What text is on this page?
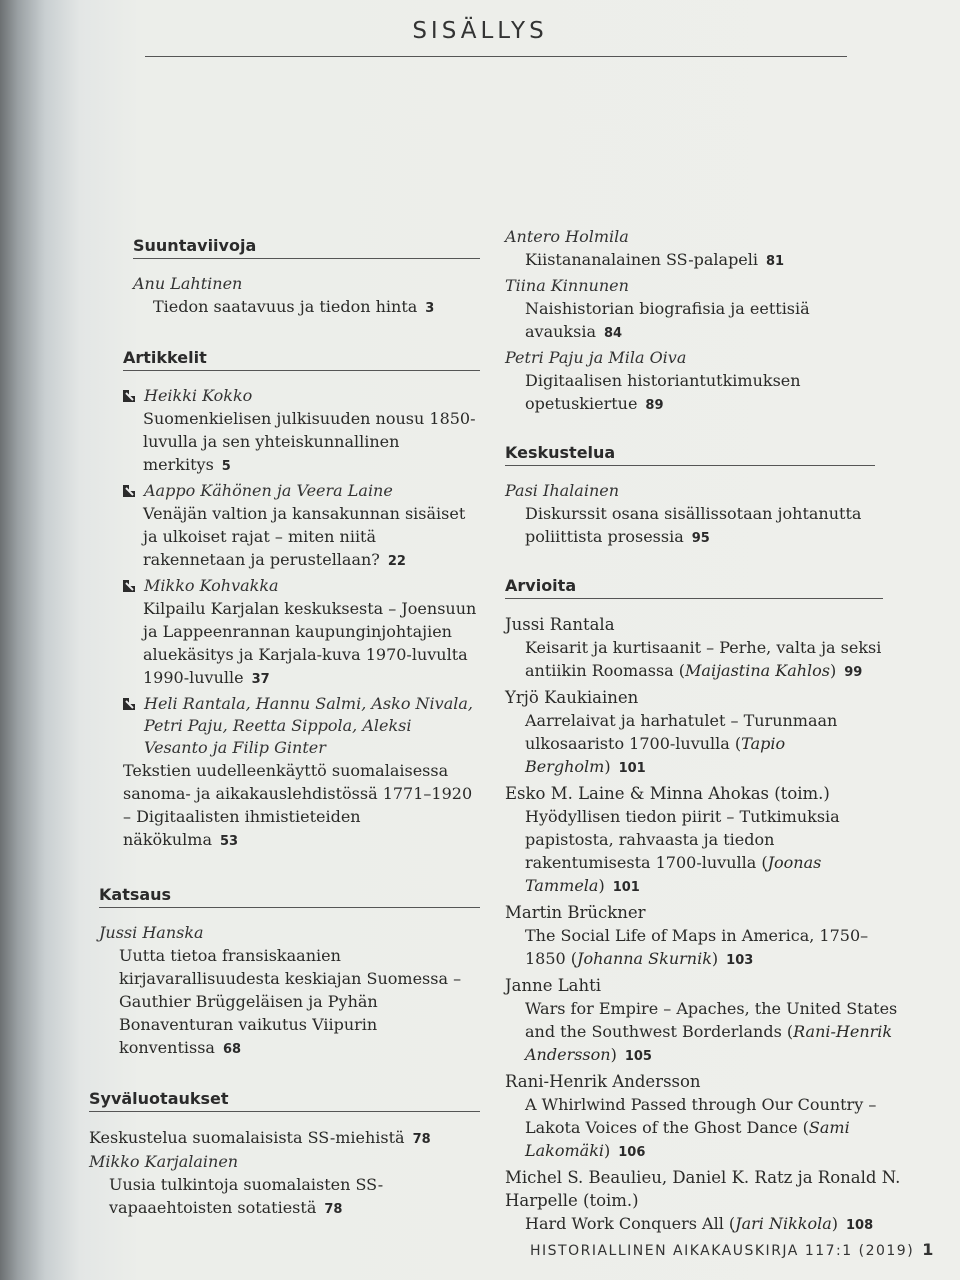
SISÄLLYS
Suuntaviivoja
Anu Lahtinen
Tiedon saatavuus ja tiedon hinta 3
Artikkelit
Heikki Kokko
Suomenkielisen julkisuuden nousu 1850-luvulla ja sen yhteiskunnallinen merkitys 5
Aappo Kähönen ja Veera Laine
Venäjän valtion ja kansakunnan sisäiset ja ulkoiset rajat – miten niitä rakennetaan ja perustellaan? 22
Mikko Kohvakka
Kilpailu Karjalan keskuksesta – Joensuun ja Lappeenrannan kaupunginjohtajien aluekäsitys ja Karjala-kuva 1970-luvulta 1990-luvulle 37
Heli Rantala, Hannu Salmi, Asko Nivala, Petri Paju, Reetta Sippola, Aleksi Vesanto ja Filip Ginter
Tekstien uudelleenkäyttö suomalaisessa sanoma- ja aikakauslehdistössä 1771–1920 – Digitaalisten ihmistieteiden näkökulma 53
Katsaus
Jussi Hanska
Uutta tietoa fransiskaanien kirjavarallisuudesta keskiajan Suomessa – Gauthier Brüggeläisen ja Pyhän Bonaventuran vaikutus Viipurin konventissa 68
Syväluotaukset
Keskustelua suomalaisista SS-miehistä 78
Mikko Karjalainen
Uusia tulkintoja suomalaisten SS-vapaaehtoisten sotatiestä 78
Antero Holmila
Kiistananalainen SS-palapeli 81
Tiina Kinnunen
Naishistorian biografisia ja eettisiä avauksia 84
Petri Paju ja Mila Oiva
Digitaalisen historiantutkimuksen opetuskiertue 89
Keskustelua
Pasi Ihalainen
Diskurssit osana sisällissotaan johtanutta poliittista prosessia 95
Arvioita
Jussi Rantala
Keisarit ja kurtisaanit – Perhe, valta ja seksi antiikin Roomassa (Maijastina Kahlos) 99
Yrjö Kaukiainen
Aarrelaivat ja harhatulet – Turunmaan ulkosaaristo 1700-luvulla (Tapio Bergholm) 101
Esko M. Laine & Minna Ahokas (toim.)
Hyödyllisen tiedon piirit – Tutkimuksia papistosta, rahvaasta ja tiedon rakentumisesta 1700-luvulla (Joonas Tammela) 101
Martin Brückner
The Social Life of Maps in America, 1750–1850 (Johanna Skurnik) 103
Janne Lahti
Wars for Empire – Apaches, the United States and the Southwest Borderlands (Rani-Henrik Andersson) 105
Rani-Henrik Andersson
A Whirlwind Passed through Our Country – Lakota Voices of the Ghost Dance (Sami Lakomäki) 106
Michel S. Beaulieu, Daniel K. Ratz ja Ronald N. Harpelle (toim.)
Hard Work Conquers All (Jari Nikkola) 108
HISTORIALLINEN AIKAKAUSKIRJA 117:1 (2019) 1
